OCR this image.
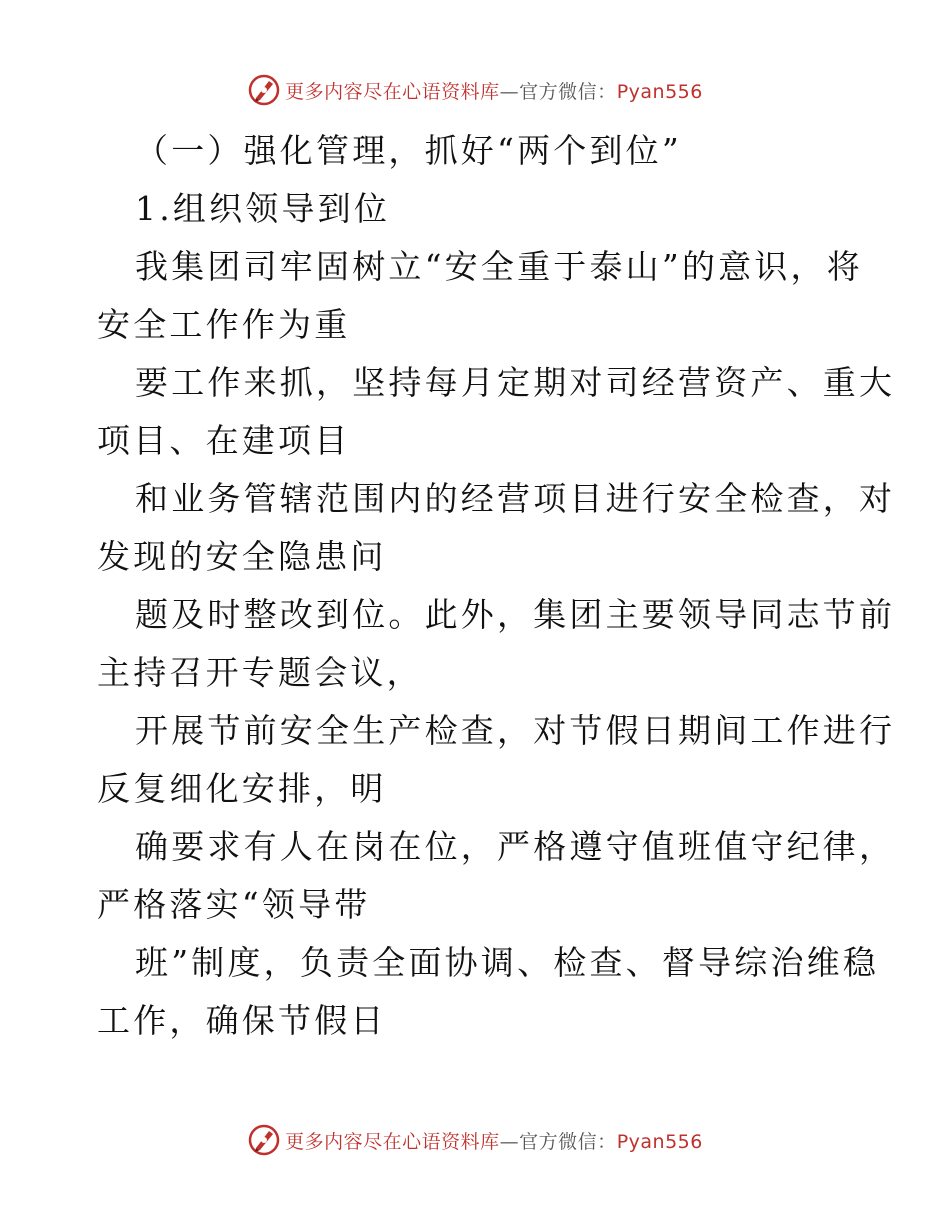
更多内容尽在心语资料库—官方微信：Pyan556
（一）强化管理，抓好“两个到位”
1.组织领导到位
我集团司牢固树立“安全重于泰山”的意识，将
安全工作作为重
要工作来抓，坚持每月定期对司经营资产、重大
项目、在建项目
和业务管辖范围内的经营项目进行安全检查，对
发现的安全隐患问
题及时整改到位。此外，集团主要领导同志节前
主持召开专题会议，
开展节前安全生产检查，对节假日期间工作进行
反复细化安排，明
确要求有人在岗在位，严格遵守值班值守纪律，
严格落实“领导带
班”制度，负责全面协调、检查、督导综治维稳
工作，确保节假日
更多内容尽在心语资料库—官方微信：Pyan556
